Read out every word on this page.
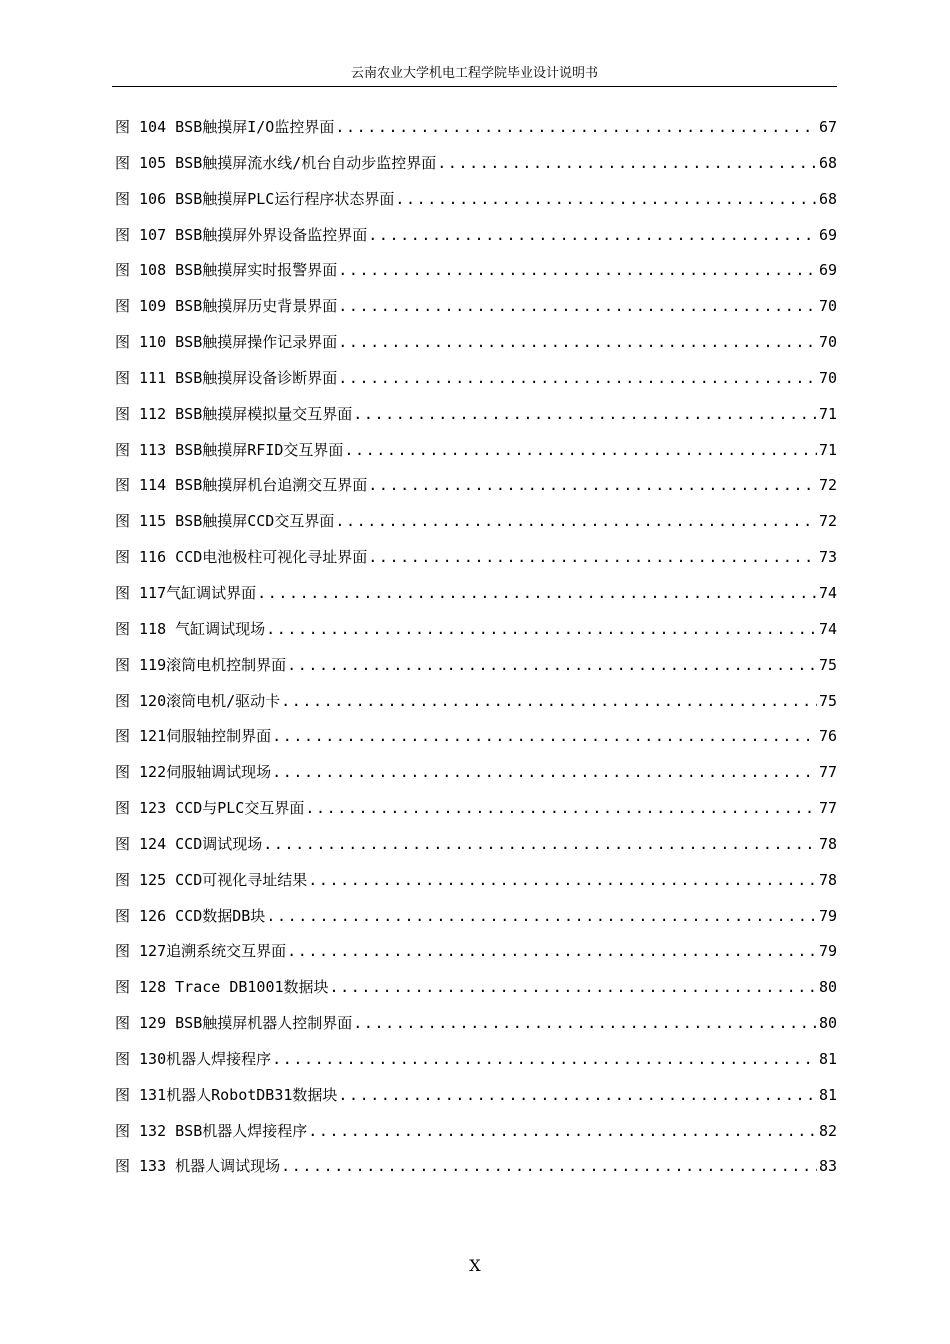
云南农业大学机电工程学院毕业设计说明书
图 104 BSB触摸屏I/O监控界面 .....	67
图 105 BSB触摸屏流水线/机台自动步监控界面 .....	68
图 106 BSB触摸屏PLC运行程序状态界面 .....	68
图 107 BSB触摸屏外界设备监控界面 .....	69
图 108 BSB触摸屏实时报警界面 .....	69
图 109 BSB触摸屏历史背景界面 .....	70
图 110 BSB触摸屏操作记录界面 .....	70
图 111 BSB触摸屏设备诊断界面 .....	70
图 112 BSB触摸屏模拟量交互界面 .....	71
图 113 BSB触摸屏RFID交互界面 .....	71
图 114 BSB触摸屏机台追溯交互界面 .....	72
图 115 BSB触摸屏CCD交互界面 .....	72
图 116 CCD电池极柱可视化寻址界面 .....	73
图 117气缸调试界面 .....	74
图 118 气缸调试现场 .....	74
图 119滚筒电机控制界面 .....	75
图 120滚筒电机/驱动卡 .....	75
图 121伺服轴控制界面 .....	76
图 122伺服轴调试现场 .....	77
图 123 CCD与PLC交互界面 .....	77
图 124 CCD调试现场 .....	78
图 125 CCD可视化寻址结果 .....	78
图 126 CCD数据DB块 .....	79
图 127追溯系统交互界面 .....	79
图 128 Trace DB1001数据块 .....	80
图 129 BSB触摸屏机器人控制界面 .....	80
图 130机器人焊接程序 .....	81
图 131机器人RobotDB31数据块 .....	81
图 132 BSB机器人焊接程序 .....	82
图 133 机器人调试现场 .....	83
X
